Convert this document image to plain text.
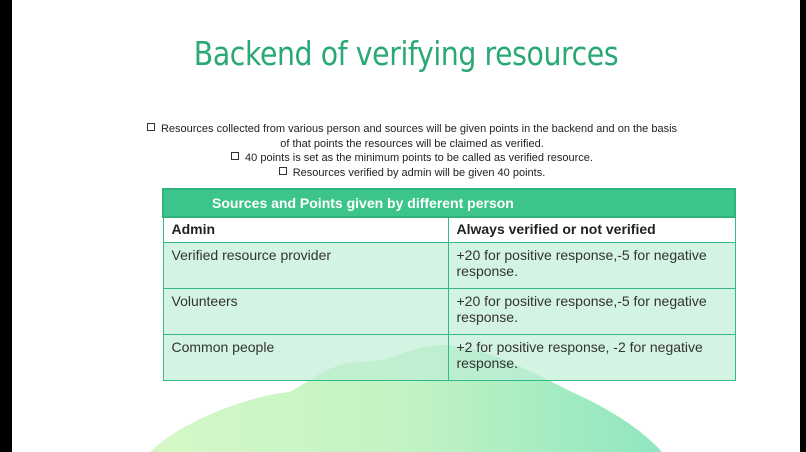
Backend of verifying resources
Resources collected from various person and sources will be given points in the backend and on the basis
of that points the resources will be claimed as verified.
40 points is set as the minimum points to be called as verified resource.
Resources verified by admin will be given 40 points.
Sources and Points given by different person	
Admin	Always verified or not verified
Verified resource provider	+20 for positive response,-5 for negative response.
Volunteers	+20 for positive response,-5 for negative response.
Common people	+2 for positive response, -2 for negative response.
